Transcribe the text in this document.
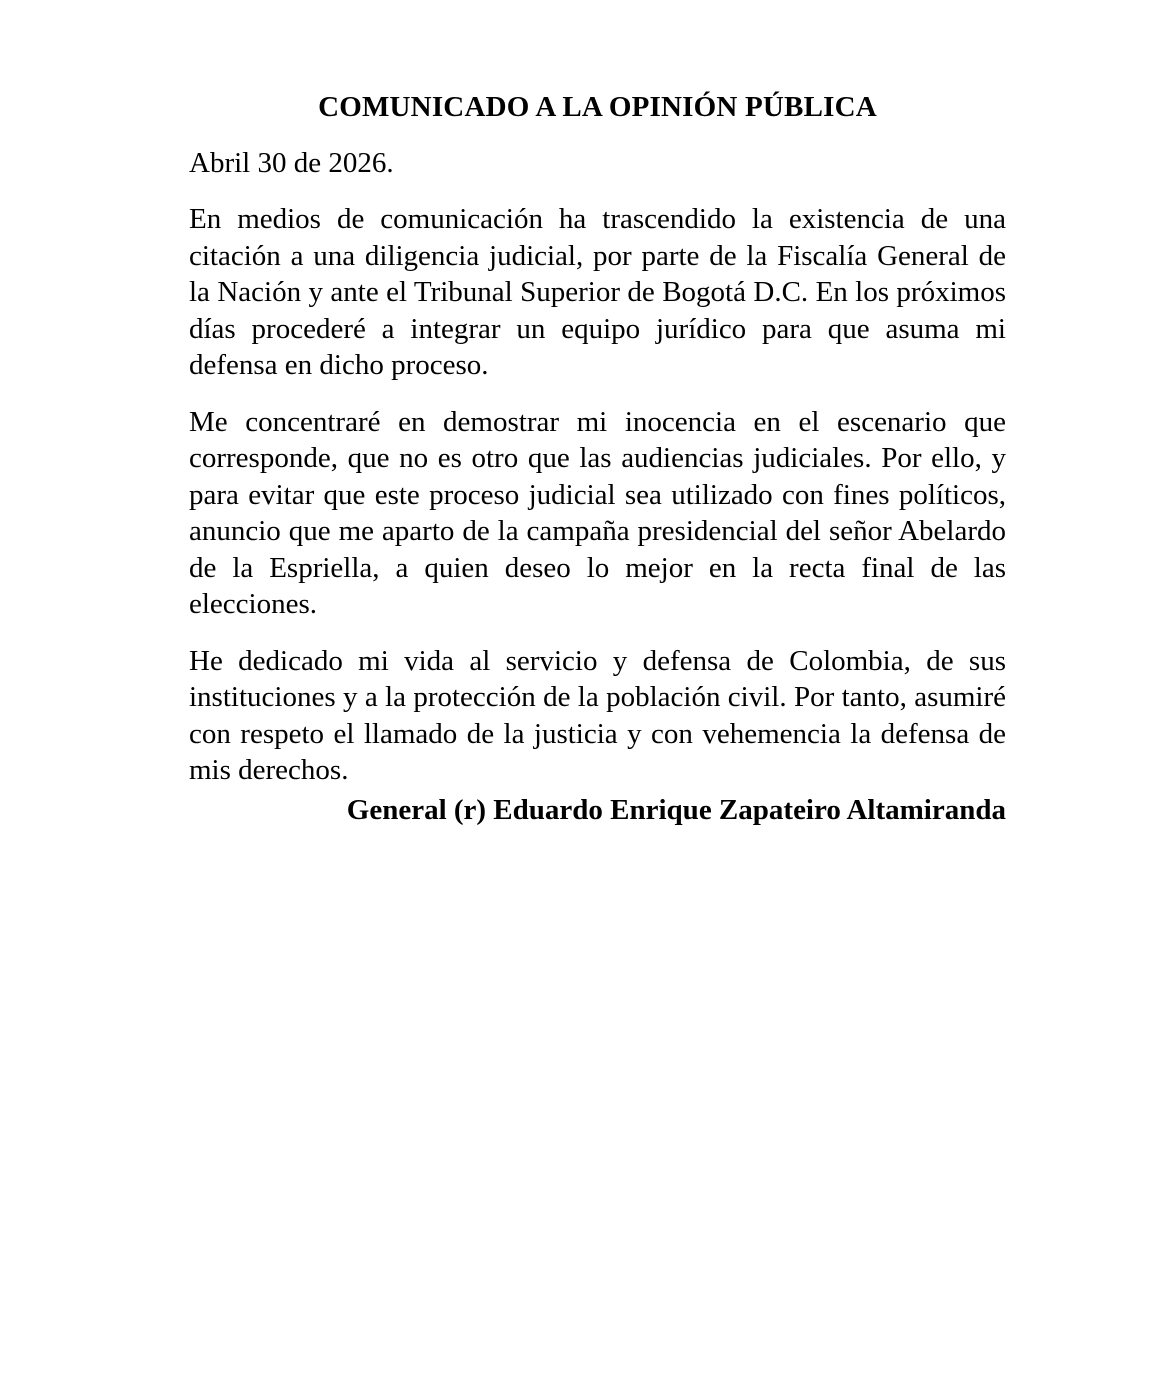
COMUNICADO A LA OPINIÓN PÚBLICA

Abril 30 de 2026.

En medios de comunicación ha trascendido la existencia de una citación a una diligencia judicial, por parte de la Fiscalía General de la Nación y ante el Tribunal Superior de Bogotá D.C. En los próximos días procederé a integrar un equipo jurídico para que asuma mi defensa en dicho proceso.

Me concentraré en demostrar mi inocencia en el escenario que corresponde, que no es otro que las audiencias judiciales. Por ello, y para evitar que este proceso judicial sea utilizado con fines políticos, anuncio que me aparto de la campaña presidencial del señor Abelardo de la Espriella, a quien deseo lo mejor en la recta final de las elecciones.

He dedicado mi vida al servicio y defensa de Colombia, de sus instituciones y a la protección de la población civil. Por tanto, asumiré con respeto el llamado de la justicia y con vehemencia la defensa de mis derechos.

General (r) Eduardo Enrique Zapateiro Altamiranda
